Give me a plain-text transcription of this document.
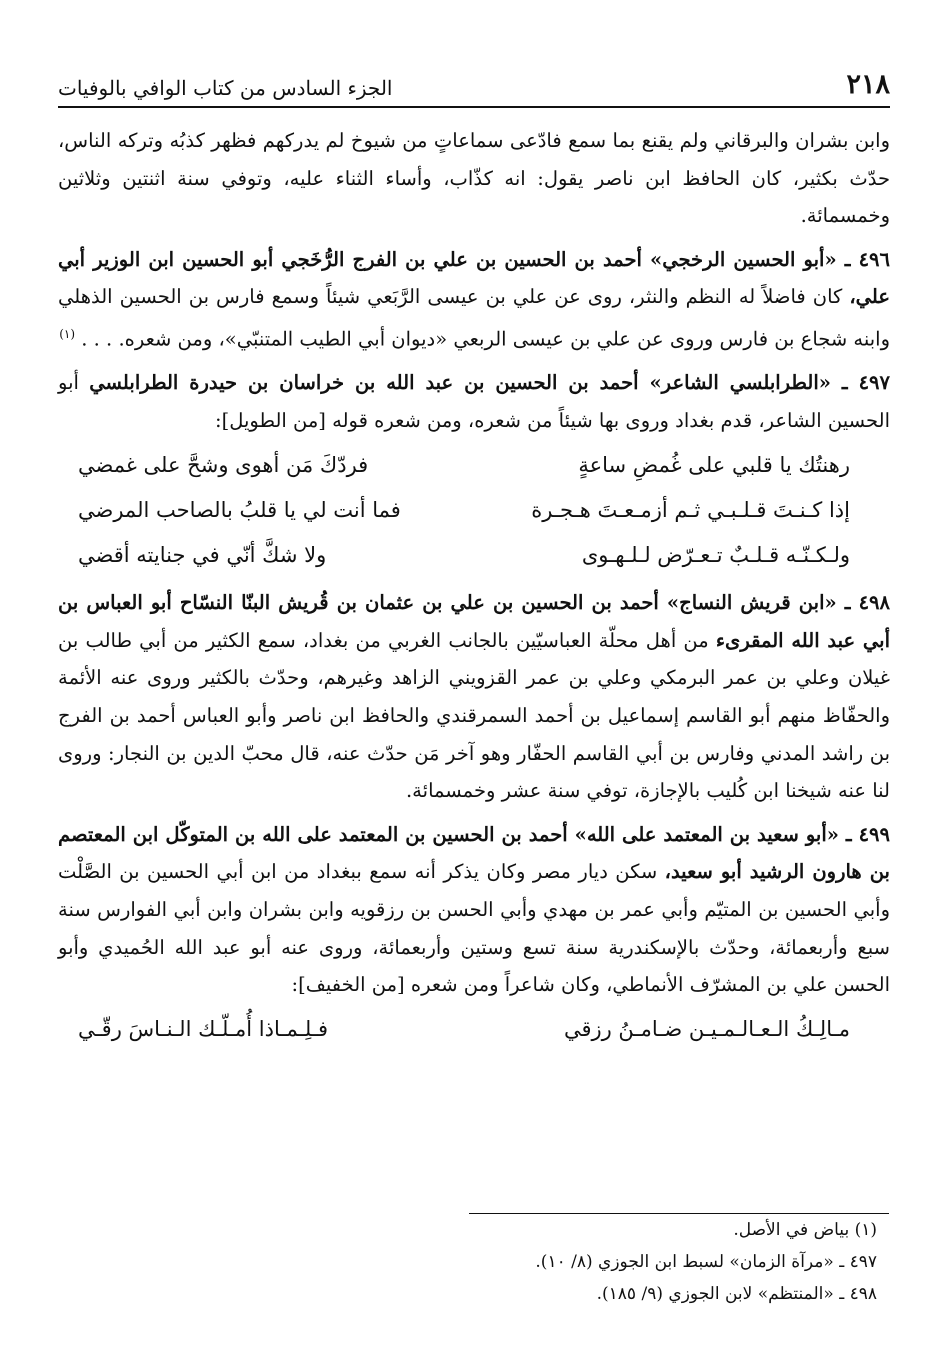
الجزء السادس من كتاب الوافي بالوفيات	٢١٨

وابن بشران والبرقاني ولم يقنع بما سمع فادّعى سماعاتٍ من شيوخ لم يدركهم فظهر كذبُه وتركه الناس، حدّث بكثير، كان الحافظ ابن ناصر يقول: انه كذّاب، وأساء الثناء عليه، وتوفي سنة اثنتين وثلاثين وخمسمائة.

٤٩٦ ـ «أبو الحسين الرخجي» أحمد بن الحسين بن علي بن الفرج الرُّخَجي أبو الحسين ابن الوزير أبي علي، كان فاضلاً له النظم والنثر، روى عن علي بن عيسى الرَّبَعي شيئاً وسمع فارس بن الحسين الذهلي وابنه شجاع بن فارس وروى عن علي بن عيسى الربعي «ديوان أبي الطيب المتنبّي»، ومن شعره. . . . $^{(١)}$

٤٩٧ ـ «الطرابلسي الشاعر» أحمد بن الحسين بن عبد الله بن خراسان بن حيدرة الطرابلسي أبو الحسين الشاعر، قدم بغداد وروى بها شيئاً من شعره، ومن شعره قوله [من الطويل]:

رهنتُك يا قلبي على غُمضِ ساعةٍ
فردّكَ مَن أهوى وشحَّ على غمضي
إذا كـنـتَ قـلـبـي ثـم أزمـعـتَ هـجـرة
فما أنت لي يا قلبُ بالصاحب المرضي
ولـكـنّـه قـلـبٌ تـعـرّض لـلـهـوى
ولا شكَّ أنّي في جنايته أقضي

٤٩٨ ـ «ابن قريش النساج» أحمد بن الحسين بن علي بن عثمان بن قُريش البنّا النسّاح أبو العباس بن أبي عبد الله المقرىء من أهل محلّة العباسيّين بالجانب الغربي من بغداد، سمع الكثير من أبي طالب بن غيلان وعلي بن عمر البرمكي وعلي بن عمر القزويني الزاهد وغيرهم، وحدّث بالكثير وروى عنه الأئمة والحفّاظ منهم أبو القاسم إسماعيل بن أحمد السمرقندي والحافظ ابن ناصر وأبو العباس أحمد بن الفرج بن راشد المدني وفارس بن أبي القاسم الحفّار وهو آخر مَن حدّث عنه، قال محبّ الدين بن النجار: وروى لنا عنه شيخنا ابن كُليب بالإجازة، توفي سنة عشر وخمسمائة.

٤٩٩ ـ «أبو سعيد بن المعتمد على الله» أحمد بن الحسين بن المعتمد على الله بن المتوكّل ابن المعتصم بن هارون الرشيد أبو سعيد، سكن ديار مصر وكان يذكر أنه سمع ببغداد من ابن أبي الحسين بن الصَّلْت وأبي الحسين بن المتيّم وأبي عمر بن مهدي وأبي الحسن بن رزقويه وابن بشران وابن أبي الفوارس سنة سبع وأربعمائة، وحدّث بالإسكندرية سنة تسع وستين وأربعمائة، وروى عنه أبو عبد الله الحُميدي وأبو الحسن علي بن المشرّف الأنماطي، وكان شاعراً ومن شعره [من الخفيف]:

مـالِـكُ الـعـالـمـيـن ضـامـنُ رزقي
فـلِـمـاذا أُمـلّـك الـنـاسَ رقّـي
(١) بياض في الأصل.
٤٩٧ ـ «مرآة الزمان» لسبط ابن الجوزي (٨/ ١٠).
٤٩٨ ـ «المنتظم» لابن الجوزي (٩/ ١٨٥).
